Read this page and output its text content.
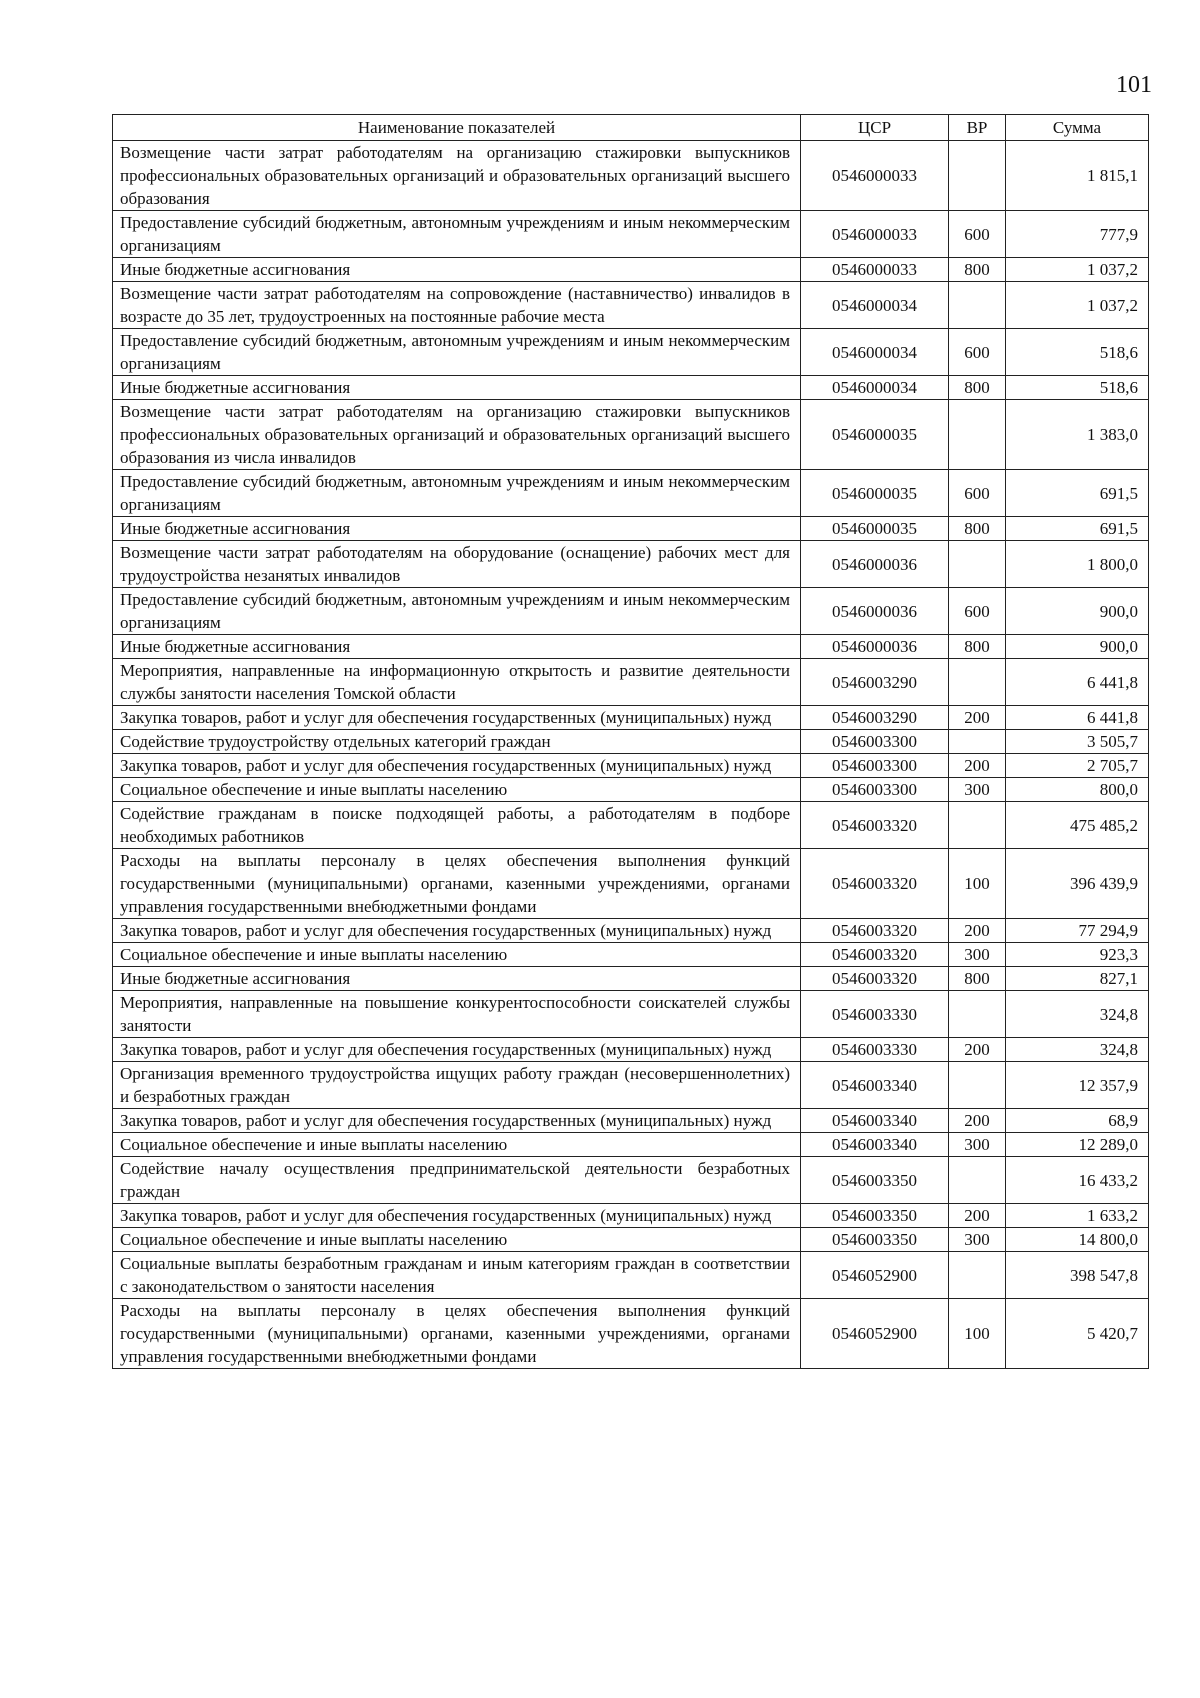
101
Наименование показателей	ЦСР	ВР	Сумма
Возмещение части затрат работодателям на организацию стажировки выпускников профессиональных образовательных организаций и образовательных организаций высшего образования	0546000033		1 815,1
Предоставление субсидий бюджетным, автономным учреждениям и иным некоммерческим организациям	0546000033	600	777,9
Иные бюджетные ассигнования	0546000033	800	1 037,2
Возмещение части затрат работодателям на сопровождение (наставничество) инвалидов в возрасте до 35 лет, трудоустроенных на постоянные рабочие места	0546000034		1 037,2
Предоставление субсидий бюджетным, автономным учреждениям и иным некоммерческим организациям	0546000034	600	518,6
Иные бюджетные ассигнования	0546000034	800	518,6
Возмещение части затрат работодателям на организацию стажировки выпускников профессиональных образовательных организаций и образовательных организаций высшего образования из числа инвалидов	0546000035		1 383,0
Предоставление субсидий бюджетным, автономным учреждениям и иным некоммерческим организациям	0546000035	600	691,5
Иные бюджетные ассигнования	0546000035	800	691,5
Возмещение части затрат работодателям на оборудование (оснащение) рабочих мест для трудоустройства незанятых инвалидов	0546000036		1 800,0
Предоставление субсидий бюджетным, автономным учреждениям и иным некоммерческим организациям	0546000036	600	900,0
Иные бюджетные ассигнования	0546000036	800	900,0
Мероприятия, направленные на информационную открытость и развитие деятельности службы занятости населения Томской области	0546003290		6 441,8
Закупка товаров, работ и услуг для обеспечения государственных (муниципальных) нужд	0546003290	200	6 441,8
Содействие трудоустройству отдельных категорий граждан	0546003300		3 505,7
Закупка товаров, работ и услуг для обеспечения государственных (муниципальных) нужд	0546003300	200	2 705,7
Социальное обеспечение и иные выплаты населению	0546003300	300	800,0
Содействие гражданам в поиске подходящей работы, а работодателям в подборе необходимых работников	0546003320		475 485,2
Расходы на выплаты персоналу в целях обеспечения выполнения функций государственными (муниципальными) органами, казенными учреждениями, органами управления государственными внебюджетными фондами	0546003320	100	396 439,9
Закупка товаров, работ и услуг для обеспечения государственных (муниципальных) нужд	0546003320	200	77 294,9
Социальное обеспечение и иные выплаты населению	0546003320	300	923,3
Иные бюджетные ассигнования	0546003320	800	827,1
Мероприятия, направленные на повышение конкурентоспособности соискателей службы занятости	0546003330		324,8
Закупка товаров, работ и услуг для обеспечения государственных (муниципальных) нужд	0546003330	200	324,8
Организация временного трудоустройства ищущих работу граждан (несовершеннолетних) и безработных граждан	0546003340		12 357,9
Закупка товаров, работ и услуг для обеспечения государственных (муниципальных) нужд	0546003340	200	68,9
Социальное обеспечение и иные выплаты населению	0546003340	300	12 289,0
Содействие началу осуществления предпринимательской деятельности безработных граждан	0546003350		16 433,2
Закупка товаров, работ и услуг для обеспечения государственных (муниципальных) нужд	0546003350	200	1 633,2
Социальное обеспечение и иные выплаты населению	0546003350	300	14 800,0
Социальные выплаты безработным гражданам и иным категориям граждан в соответствии с законодательством о занятости населения	0546052900		398 547,8
Расходы на выплаты персоналу в целях обеспечения выполнения функций государственными (муниципальными) органами, казенными учреждениями, органами управления государственными внебюджетными фондами	0546052900	100	5 420,7
